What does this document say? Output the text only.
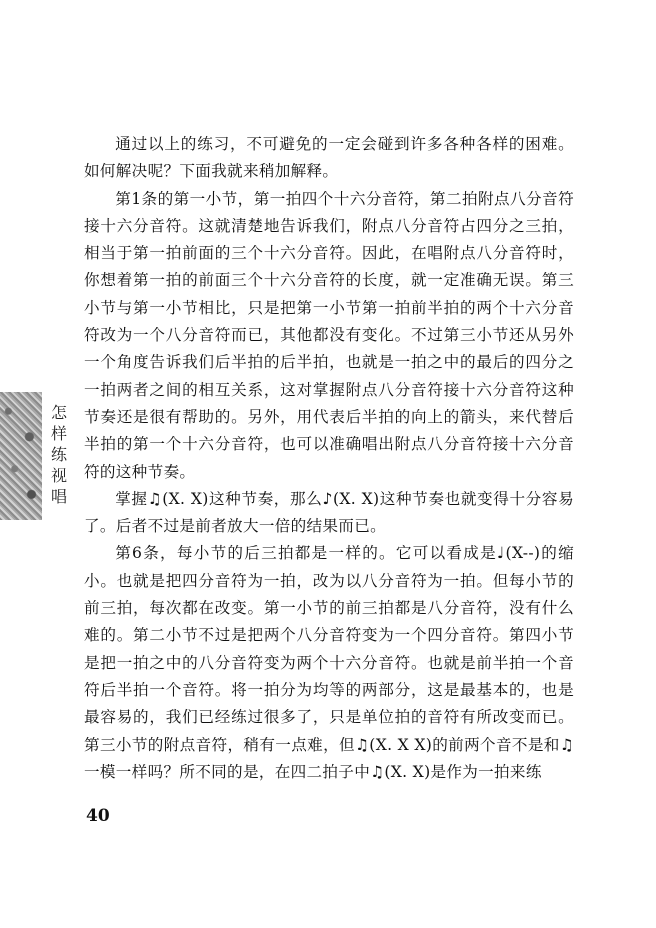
通过以上的练习，不可避免的一定会碰到许多各种各样的困难。如何解决呢？下面我就来稍加解释。

第1条的第一小节，第一拍四个十六分音符，第二拍附点八分音符接十六分音符。这就清楚地告诉我们，附点八分音符占四分之三拍，相当于第一拍前面的三个十六分音符。因此，在唱附点八分音符时，你想着第一拍的前面三个十六分音符的长度，就一定准确无误。第三小节与第一小节相比，只是把第一小节第一拍前半拍的两个十六分音符改为一个八分音符而已，其他都没有变化。不过第三小节还从另外一个角度告诉我们后半拍的后半拍，也就是一拍之中的最后的四分之一拍两者之间的相互关系，这对掌握附点八分音符接十六分音符这种节奏还是很有帮助的。另外，用代表后半拍的向上的箭头，来代替后半拍的第一个十六分音符，也可以准确唱出附点八分音符接十六分音符的这种节奏。

掌握♫(X. X)这种节奏，那么♪(X. X)这种节奏也就变得十分容易了。后者不过是前者放大一倍的结果而已。

第6条，每小节的后三拍都是一样的。它可以看成是♩(X--)的缩小。也就是把四分音符为一拍，改为以八分音符为一拍。但每小节的前三拍，每次都在改变。第一小节的前三拍都是八分音符，没有什么难的。第二小节不过是把两个八分音符变为一个四分音符。第四小节是把一拍之中的八分音符变为两个十六分音符。也就是前半拍一个音符后半拍一个音符。将一拍分为均等的两部分，这是最基本的，也是最容易的，我们已经练过很多了，只是单位拍的音符有所改变而已。第三小节的附点音符，稍有一点难，但♫(X. X X)的前两个音不是和♫一模一样吗？所不同的是，在四二拍子中♫(X. X)是作为一拍来练

怎样练视唱
40
